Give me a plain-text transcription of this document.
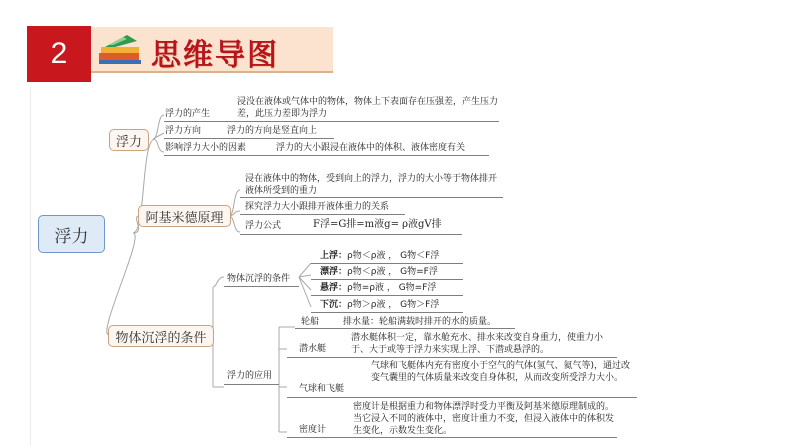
2	思维导图
浮力
浮力
浮力的产生
浸没在液体或气体中的物体，物体上下表面存在压强差，产生压力差，此压力差即为浮力
浮力方向	浮力的方向是竖直向上
影响浮力大小的因素	浮力的大小跟浸在液体中的体积、液体密度有关
阿基米德原理
浸在液体中的物体，受到向上的浮力，浮力的大小等于物体排开液体所受到的重力
探究浮力大小跟排开液体重力的关系
浮力公式	F浮=G排=m液g= ρ液gV排
物体沉浮的条件
物体沉浮的条件
上浮：ρ物＜ρ液 ， G物＜F浮
漂浮：ρ物＜ρ液 ， G物=F浮
悬浮：ρ物=ρ液 ， G物=F浮
下沉：ρ物＞ρ液 ， G物＞F浮
浮力的应用
轮船	排水量：轮船满载时排开的水的质量。
潜水艇
潜水艇体积一定，靠水舱充水、排水来改变自身重力，使重力小于、大于或等于浮力来实现上浮、下潜或悬浮的。
气球和飞艇
气球和飞艇体内充有密度小于空气的气体(氢气、氦气等)，通过改变气囊里的气体质量来改变自身体积，从而改变所受浮力大小。
密度计
密度计是根据重力和物体漂浮时受力平衡及阿基米德原理制成的。当它浸入不同的液体中，密度计重力不变，但浸入液体中的体积发生变化，示数发生变化。
